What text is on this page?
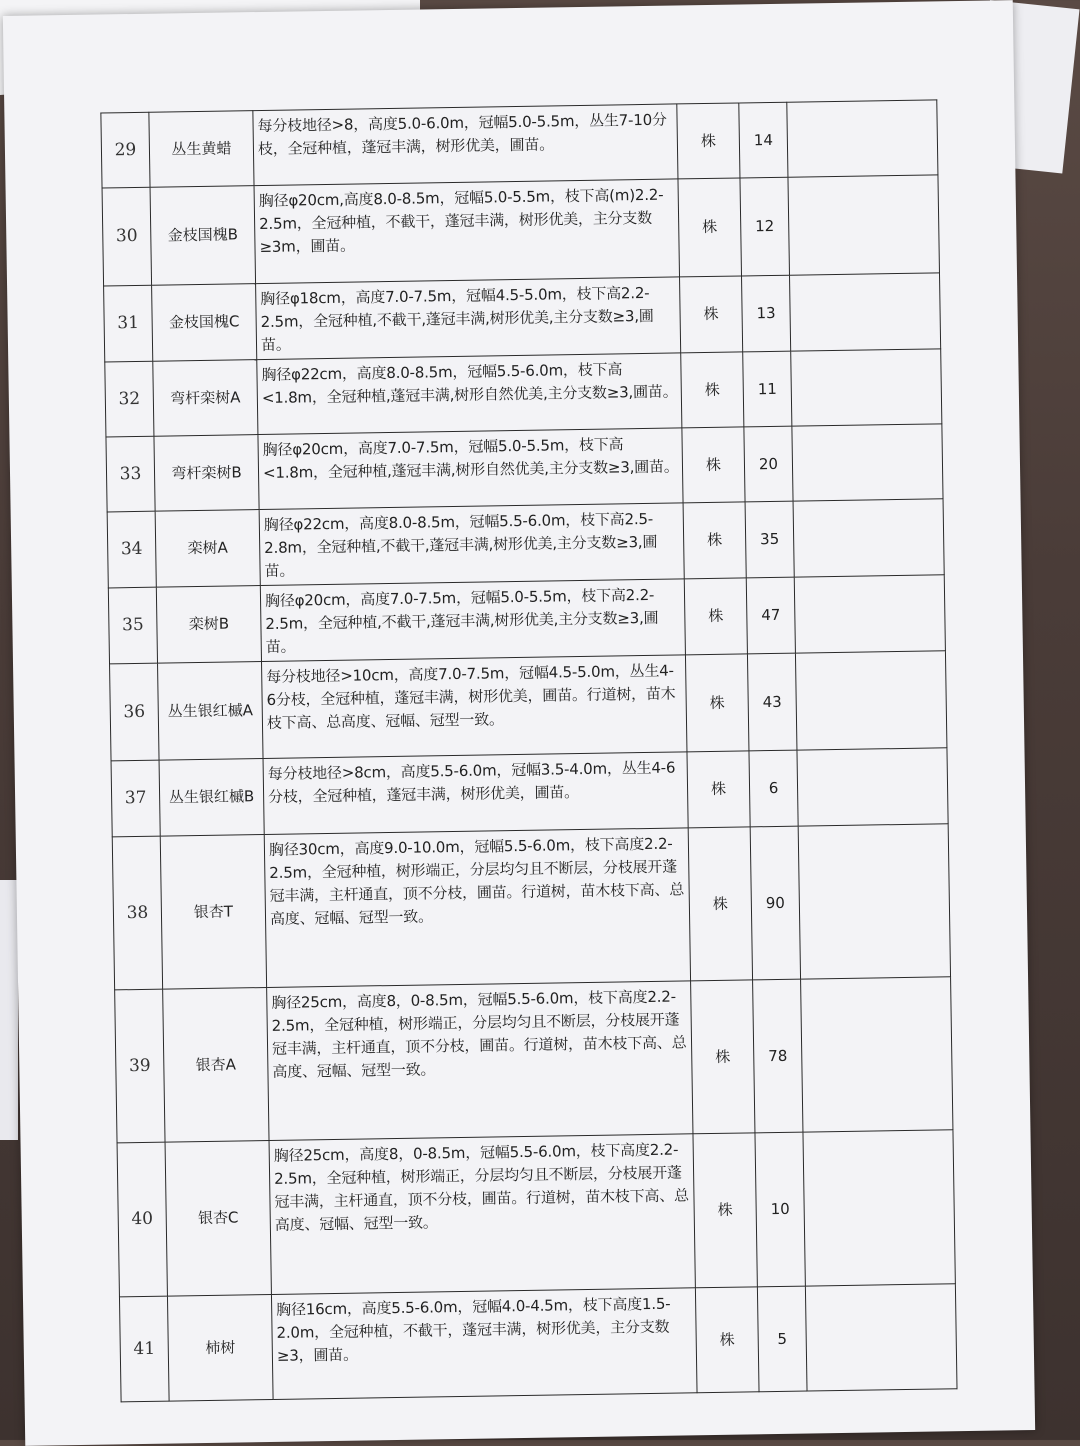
29	丛生黄蜡	每分枝地径>8，高度5.0-6.0m，冠幅5.0-5.5m，丛生7-10分枝，全冠种植，蓬冠丰满，树形优美，圃苗。	株	14	
30	金枝国槐B	胸径φ20cm,高度8.0-8.5m，冠幅5.0-5.5m，枝下高(m)2.2-2.5m，全冠种植，不截干，蓬冠丰满，树形优美，主分支数≥3m，圃苗。	株	12	
31	金枝国槐C	胸径φ18cm，高度7.0-7.5m，冠幅4.5-5.0m，枝下高2.2-2.5m，全冠种植,不截干,蓬冠丰满,树形优美,主分支数≥3,圃苗。	株	13	
32	弯杆栾树A	胸径φ22cm，高度8.0-8.5m，冠幅5.5-6.0m，枝下高<1.8m，全冠种植,蓬冠丰满,树形自然优美,主分支数≥3,圃苗。	株	11	
33	弯杆栾树B	胸径φ20cm，高度7.0-7.5m，冠幅5.0-5.5m，枝下高<1.8m，全冠种植,蓬冠丰满,树形自然优美,主分支数≥3,圃苗。	株	20	
34	栾树A	胸径φ22cm，高度8.0-8.5m，冠幅5.5-6.0m，枝下高2.5-2.8m，全冠种植,不截干,蓬冠丰满,树形优美,主分支数≥3,圃苗。	株	35	
35	栾树B	胸径φ20cm，高度7.0-7.5m，冠幅5.0-5.5m，枝下高2.2-2.5m，全冠种植,不截干,蓬冠丰满,树形优美,主分支数≥3,圃苗。	株	47	
36	丛生银红槭A	每分枝地径>10cm，高度7.0-7.5m，冠幅4.5-5.0m，丛生4-6分枝，全冠种植，蓬冠丰满，树形优美，圃苗。行道树，苗木枝下高、总高度、冠幅、冠型一致。	株	43	
37	丛生银红槭B	每分枝地径>8cm，高度5.5-6.0m，冠幅3.5-4.0m，丛生4-6分枝，全冠种植，蓬冠丰满，树形优美，圃苗。	株	6	
38	银杏T	胸径30cm，高度9.0-10.0m，冠幅5.5-6.0m，枝下高度2.2-2.5m，全冠种植，树形端正，分层均匀且不断层，分枝展开蓬冠丰满，主杆通直，顶不分枝，圃苗。行道树，苗木枝下高、总高度、冠幅、冠型一致。	株	90	
39	银杏A	胸径25cm，高度8，0-8.5m，冠幅5.5-6.0m，枝下高度2.2-2.5m，全冠种植，树形端正，分层均匀且不断层，分枝展开蓬冠丰满，主杆通直，顶不分枝，圃苗。行道树，苗木枝下高、总高度、冠幅、冠型一致。	株	78	
40	银杏C	胸径25cm，高度8，0-8.5m，冠幅5.5-6.0m，枝下高度2.2-2.5m，全冠种植，树形端正，分层均匀且不断层，分枝展开蓬冠丰满，主杆通直，顶不分枝，圃苗。行道树，苗木枝下高、总高度、冠幅、冠型一致。	株	10	
41	柿树	胸径16cm，高度5.5-6.0m，冠幅4.0-4.5m，枝下高度1.5-2.0m，全冠种植，不截干，蓬冠丰满，树形优美，主分支数≥3，圃苗。	株	5	
